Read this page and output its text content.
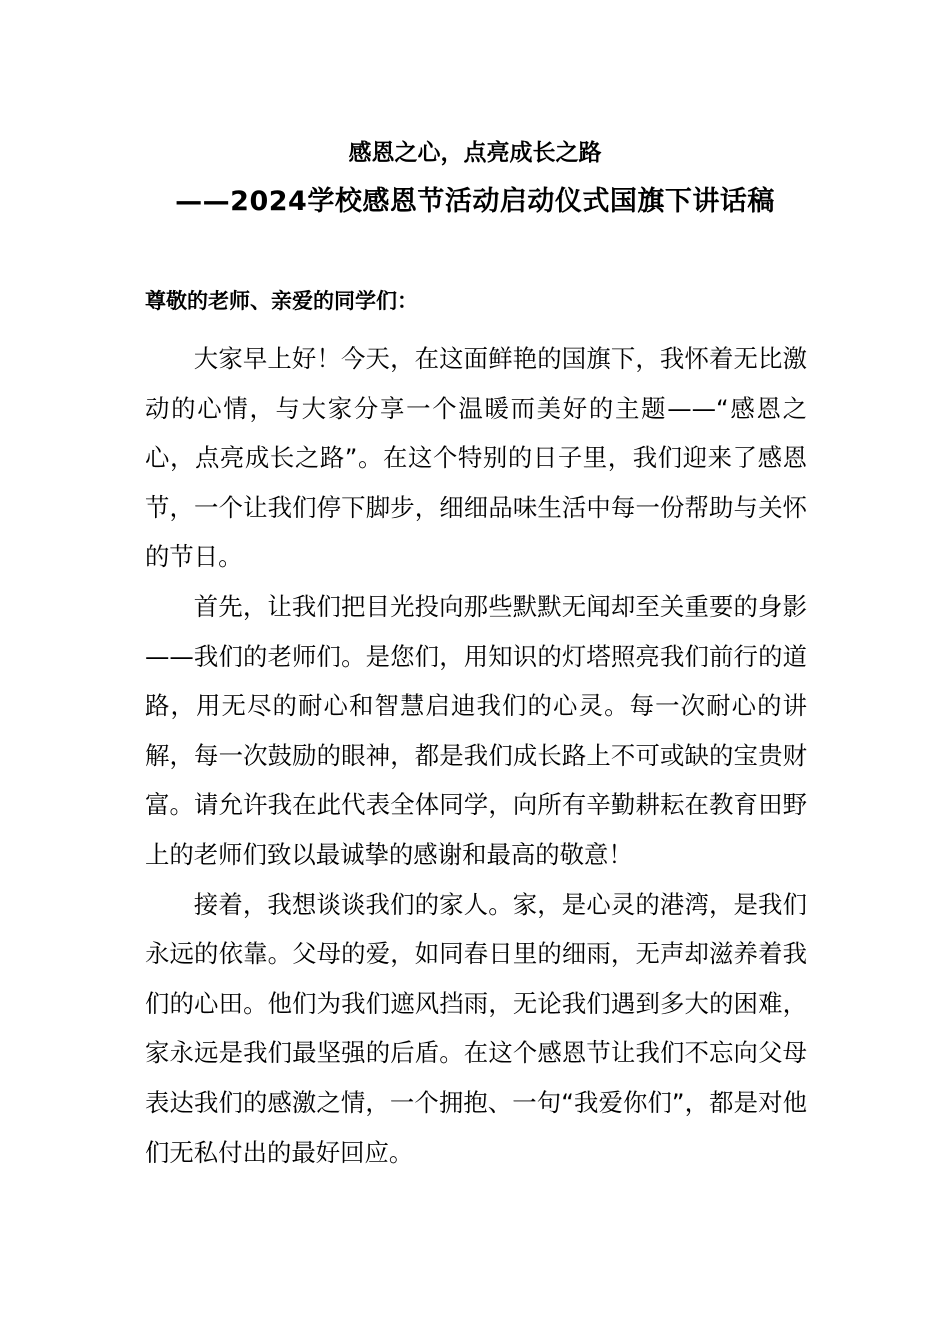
感恩之心，点亮成长之路
——2024学校感恩节活动启动仪式国旗下讲话稿

尊敬的老师、亲爱的同学们：

大家早上好！今天，在这面鲜艳的国旗下，我怀着无比激动的心情，与大家分享一个温暖而美好的主题——“感恩之心，点亮成长之路”。在这个特别的日子里，我们迎来了感恩节，一个让我们停下脚步，细细品味生活中每一份帮助与关怀的节日。

首先，让我们把目光投向那些默默无闻却至关重要的身影——我们的老师们。是您们，用知识的灯塔照亮我们前行的道路，用无尽的耐心和智慧启迪我们的心灵。每一次耐心的讲解，每一次鼓励的眼神，都是我们成长路上不可或缺的宝贵财富。请允许我在此代表全体同学，向所有辛勤耕耘在教育田野上的老师们致以最诚挚的感谢和最高的敬意！

接着，我想谈谈我们的家人。家，是心灵的港湾，是我们永远的依靠。父母的爱，如同春日里的细雨，无声却滋养着我们的心田。他们为我们遮风挡雨，无论我们遇到多大的困难，家永远是我们最坚强的后盾。在这个感恩节让我们不忘向父母表达我们的感激之情，一个拥抱、一句“我爱你们”，都是对他们无私付出的最好回应。
